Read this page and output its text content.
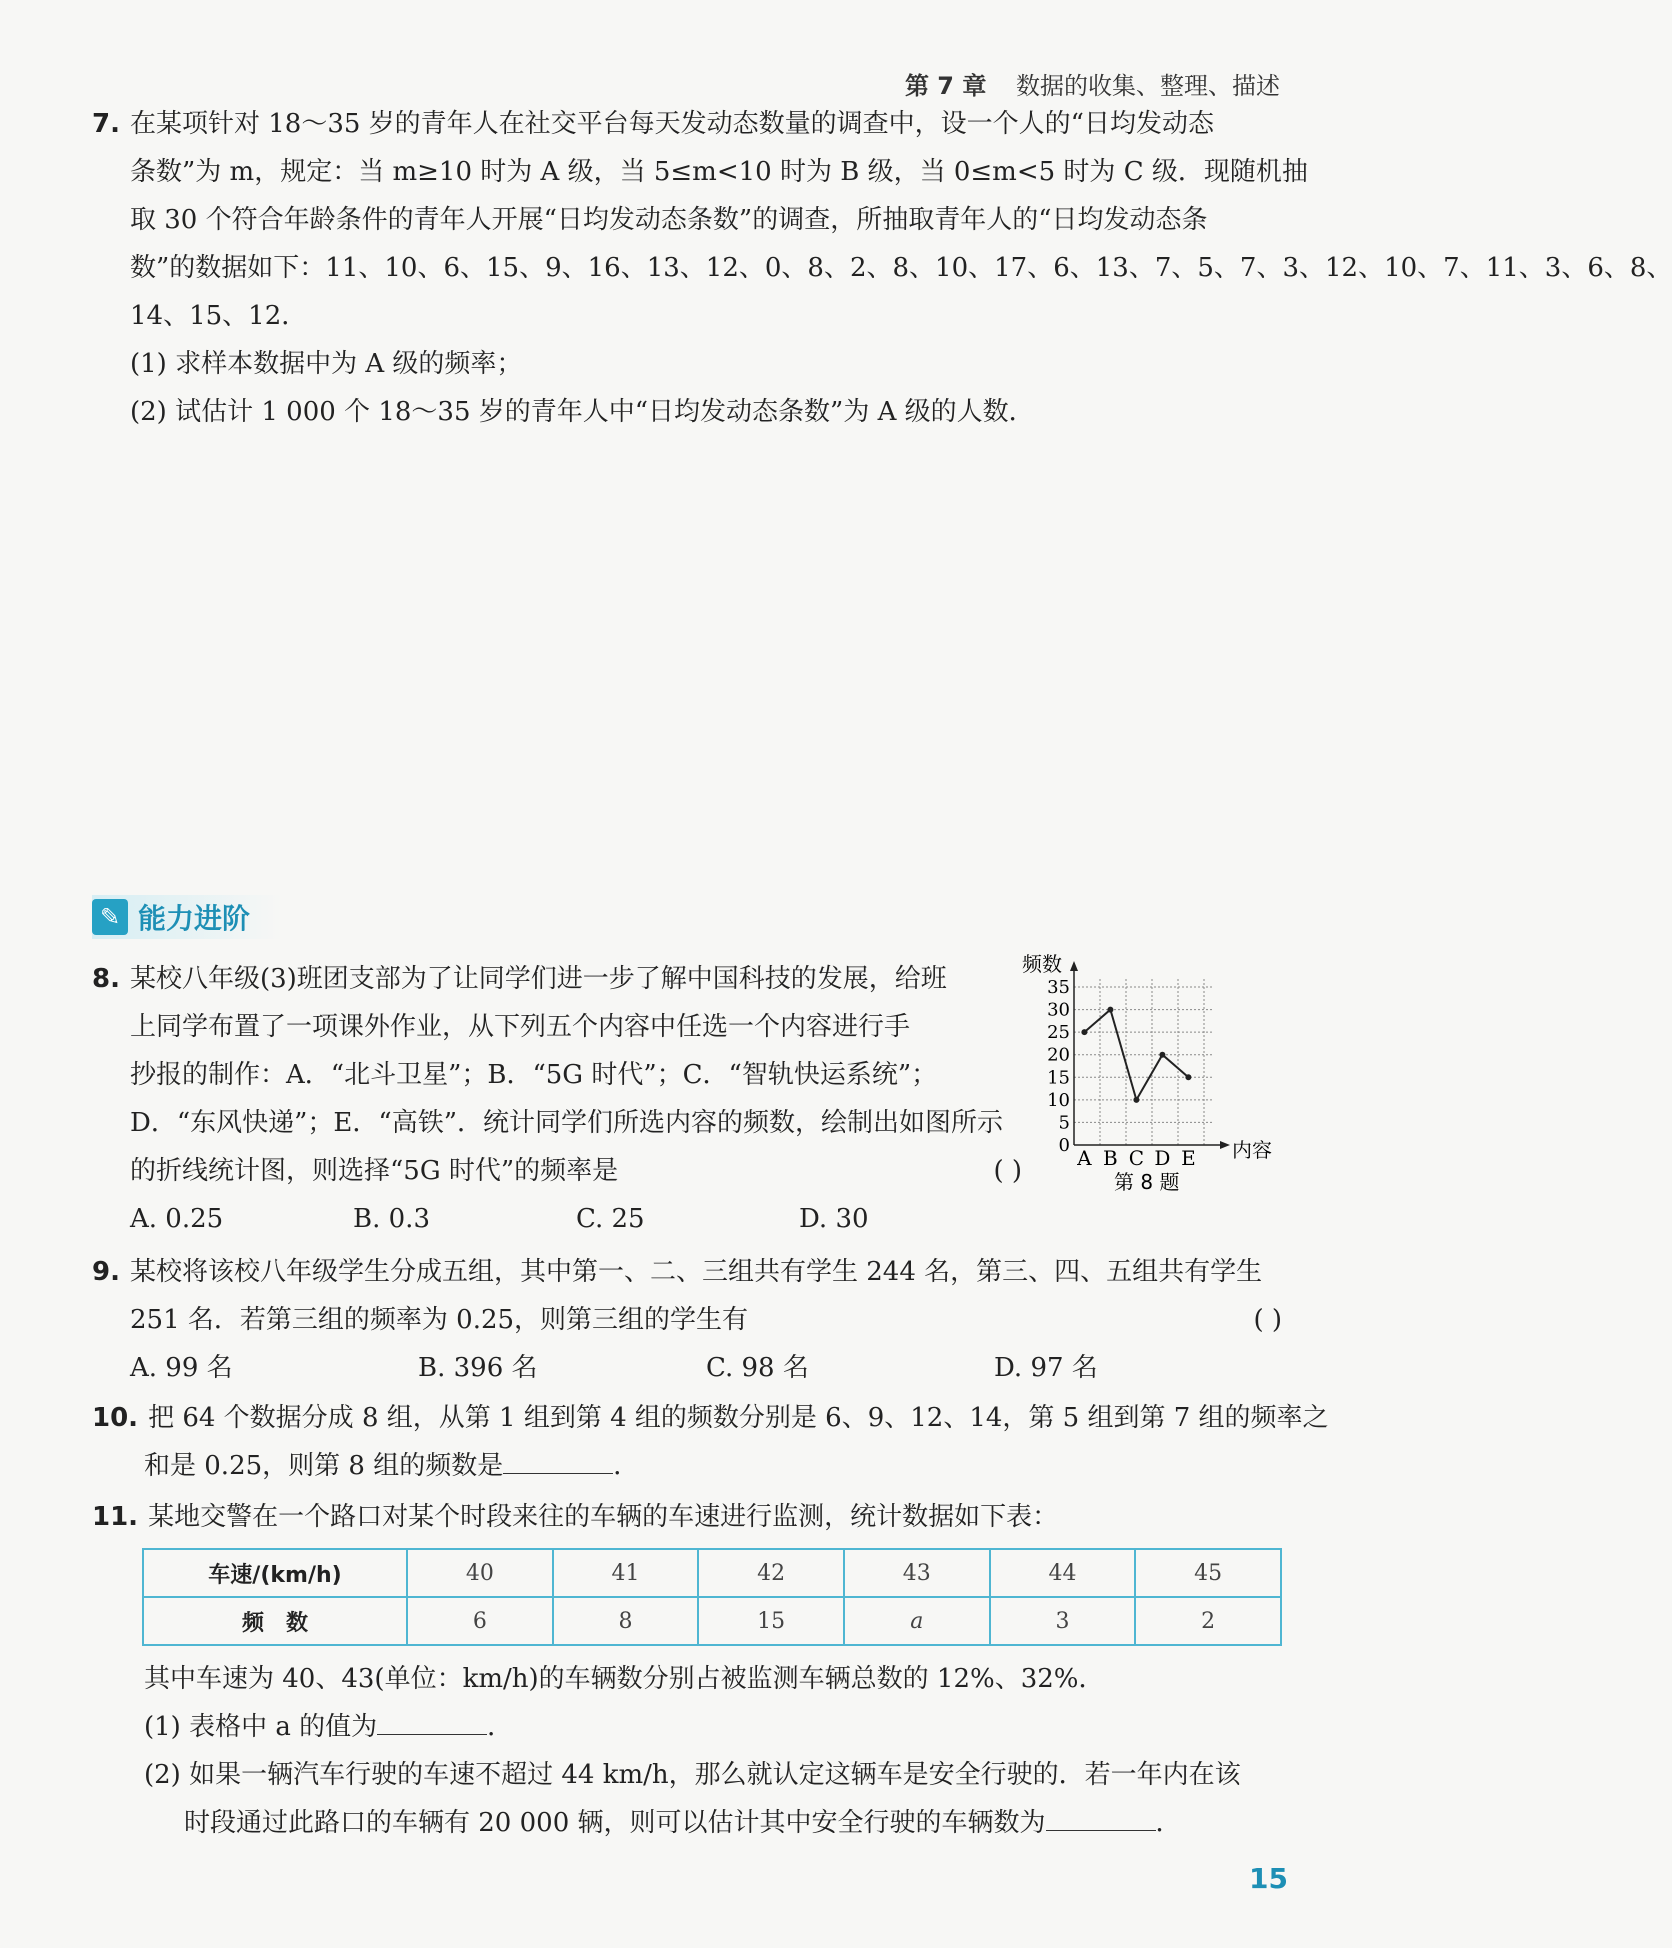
第 7 章 数据的收集、整理、描述
7. 在某项针对 18～35 岁的青年人在社交平台每天发动态数量的调查中，设一个人的“日均发动态
条数”为 m，规定：当 m≥10 时为 A 级，当 5≤m<10 时为 B 级，当 0≤m<5 时为 C 级．现随机抽
取 30 个符合年龄条件的青年人开展“日均发动态条数”的调查，所抽取青年人的“日均发动态条
数”的数据如下：11、10、6、15、9、16、13、12、0、8、2、8、10、17、6、13、7、5、7、3、12、10、7、11、3、6、8、
14、15、12．
(1) 求样本数据中为 A 级的频率；
(2) 试估计 1 000 个 18～35 岁的青年人中“日均发动态条数”为 A 级的人数．
✎ 能力进阶
8. 某校八年级(3)班团支部为了让同学们进一步了解中国科技的发展，给班
上同学布置了一项课外作业，从下列五个内容中任选一个内容进行手
抄报的制作：A．“北斗卫星”；B．“5G 时代”；C．“智轨快运系统”；
D．“东风快递”；E．“高铁”．统计同学们所选内容的频数，绘制出如图所示
的折线统计图，则选择“5G 时代”的频率是	( )
A. 0.25	B. 0.3	C. 25	D. 30
0
5
10
15
20
25
30
35
A B C D E
频数
内容
第 8 题
9. 某校将该校八年级学生分成五组，其中第一、二、三组共有学生 244 名，第三、四、五组共有学生
251 名．若第三组的频率为 0.25，则第三组的学生有	( )
A. 99 名	B. 396 名	C. 98 名	D. 97 名
10. 把 64 个数据分成 8 组，从第 1 组到第 4 组的频数分别是 6、9、12、14，第 5 组到第 7 组的频率之
和是 0.25，则第 8 组的频数是	．
11. 某地交警在一个路口对某个时段来往的车辆的车速进行监测，统计数据如下表：
车速/(km/h)	40	41	42	43	44	45
频　数	6	8	15	a	3	2
其中车速为 40、43(单位：km/h)的车辆数分别占被监测车辆总数的 12%、32%．
(1) 表格中 a 的值为	．
(2) 如果一辆汽车行驶的车速不超过 44 km/h，那么就认定这辆车是安全行驶的．若一年内在该
时段通过此路口的车辆有 20 000 辆，则可以估计其中安全行驶的车辆数为	．
15
